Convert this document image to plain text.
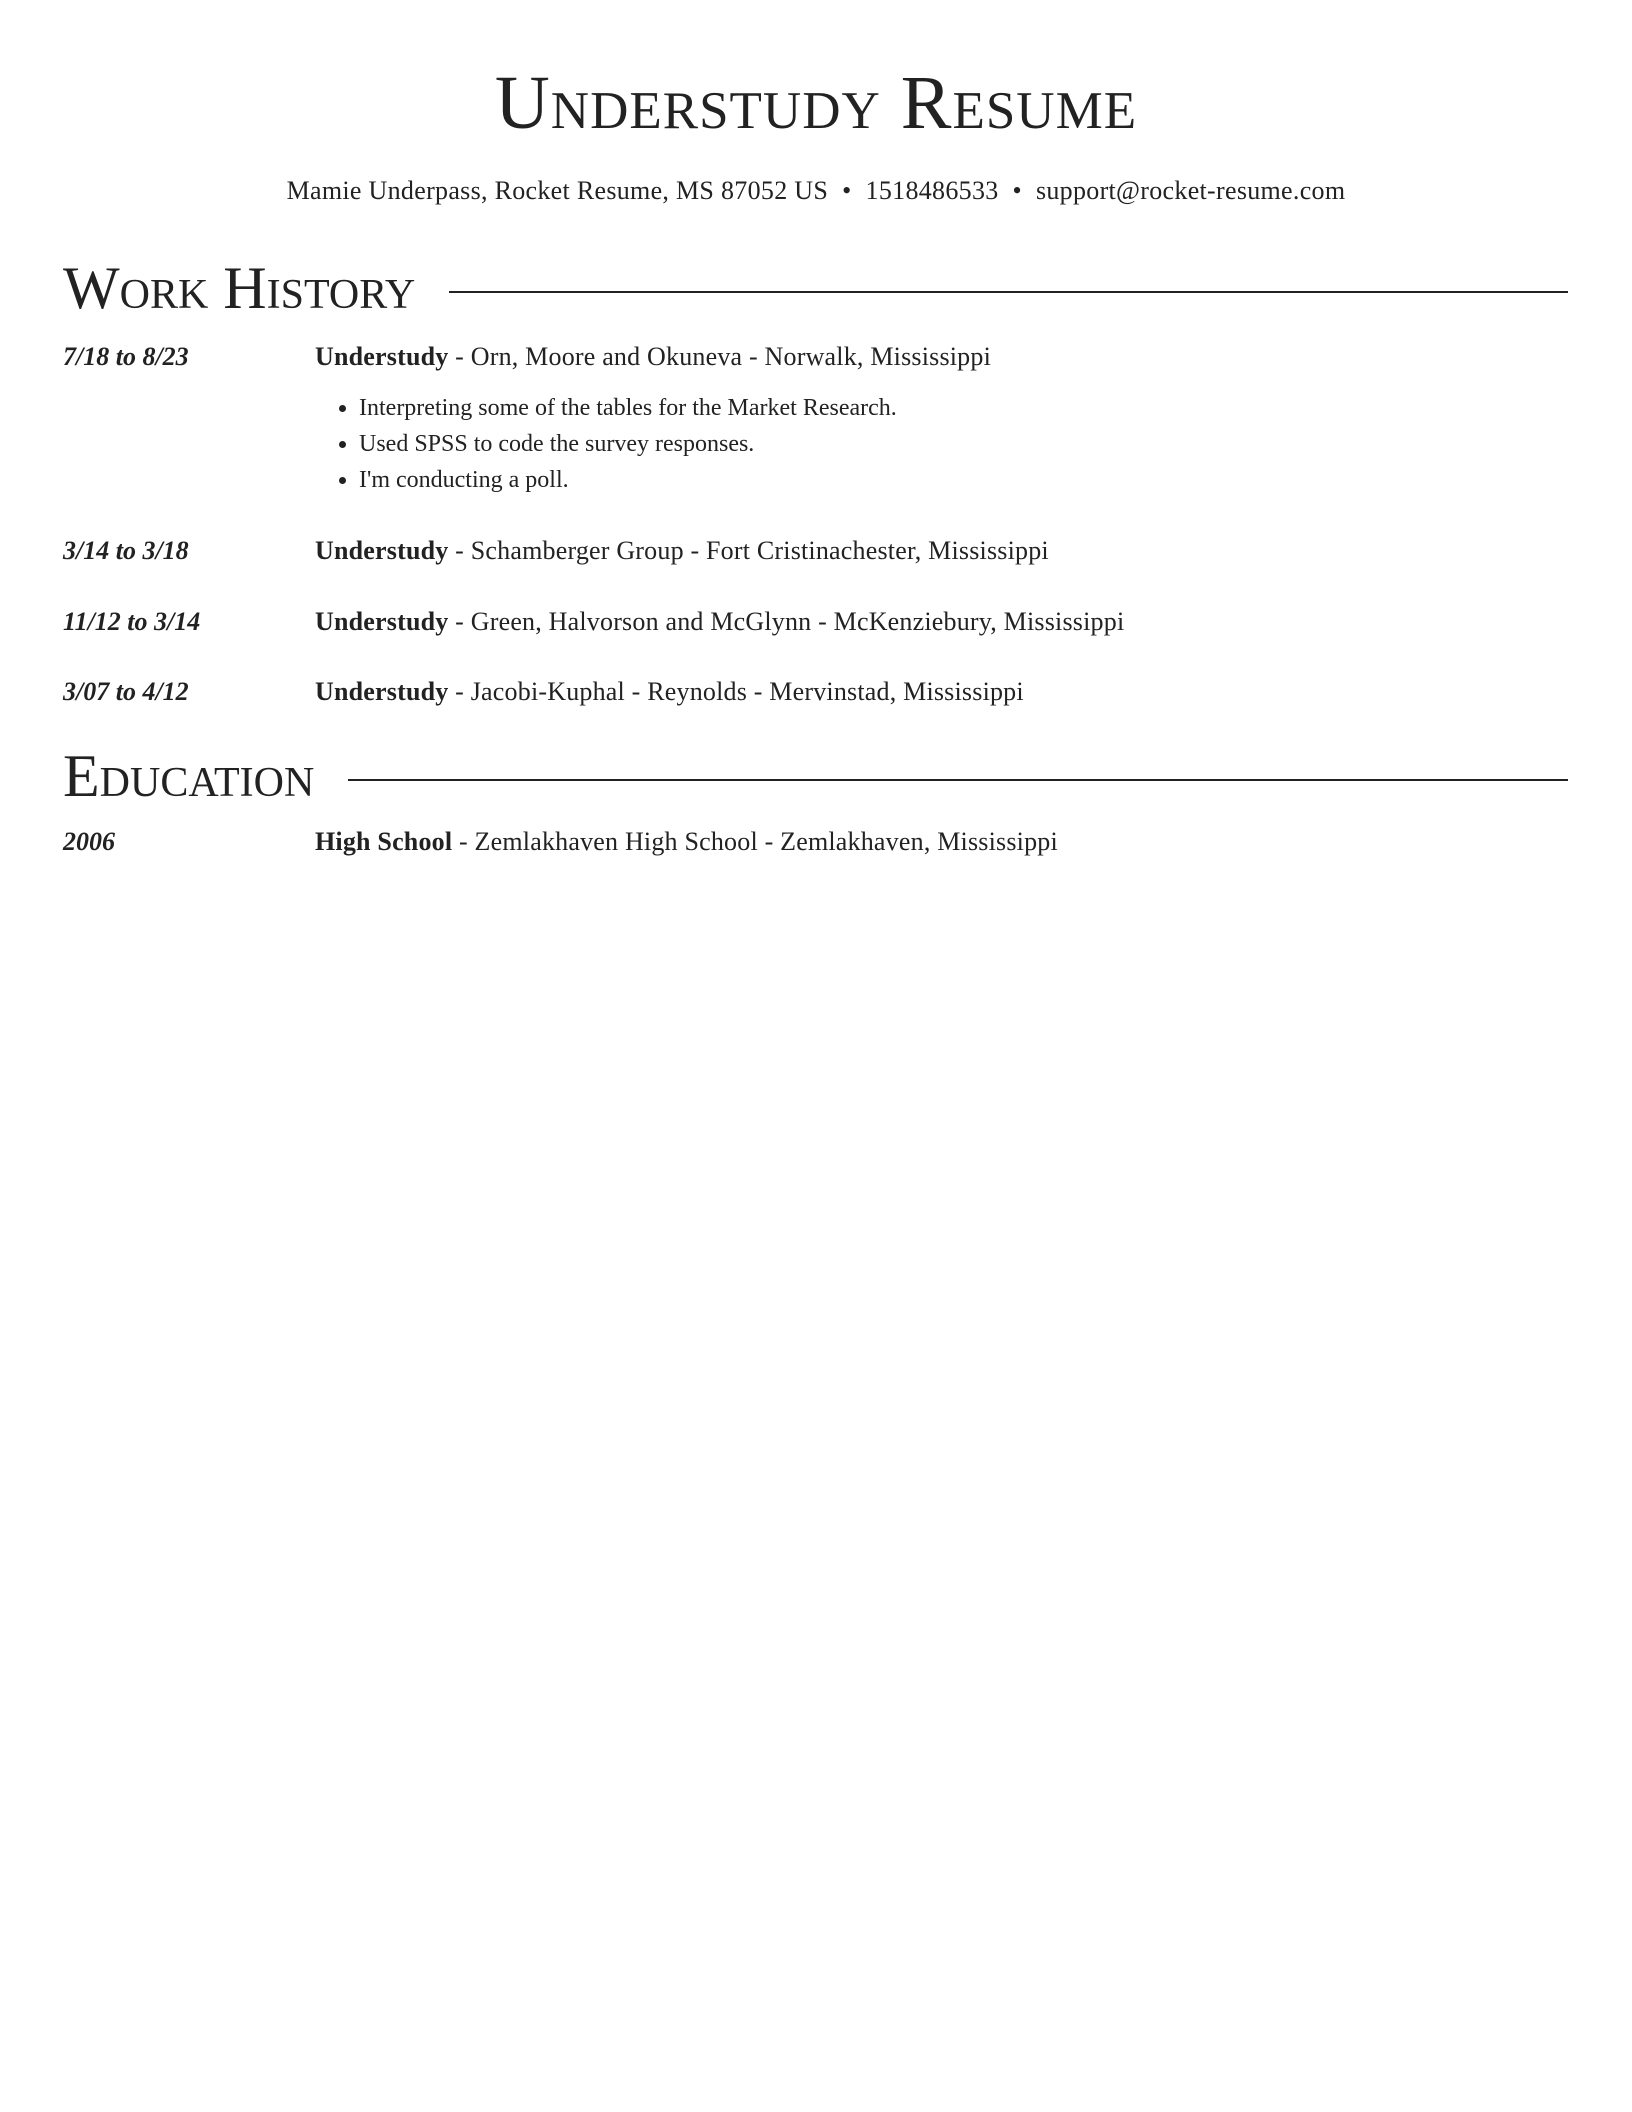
Understudy Resume
Mamie Underpass, Rocket Resume, MS 87052 US • 1518486533 • support@rocket-resume.com
Work History
7/18 to 8/23	Understudy - Orn, Moore and Okuneva - Norwalk, Mississippi
• Interpreting some of the tables for the Market Research.
• Used SPSS to code the survey responses.
• I'm conducting a poll.
3/14 to 3/18	Understudy - Schamberger Group - Fort Cristinachester, Mississippi
11/12 to 3/14	Understudy - Green, Halvorson and McGlynn - McKenziebury, Mississippi
3/07 to 4/12	Understudy - Jacobi-Kuphal - Reynolds - Mervinstad, Mississippi
Education
2006	High School - Zemlakhaven High School - Zemlakhaven, Mississippi
